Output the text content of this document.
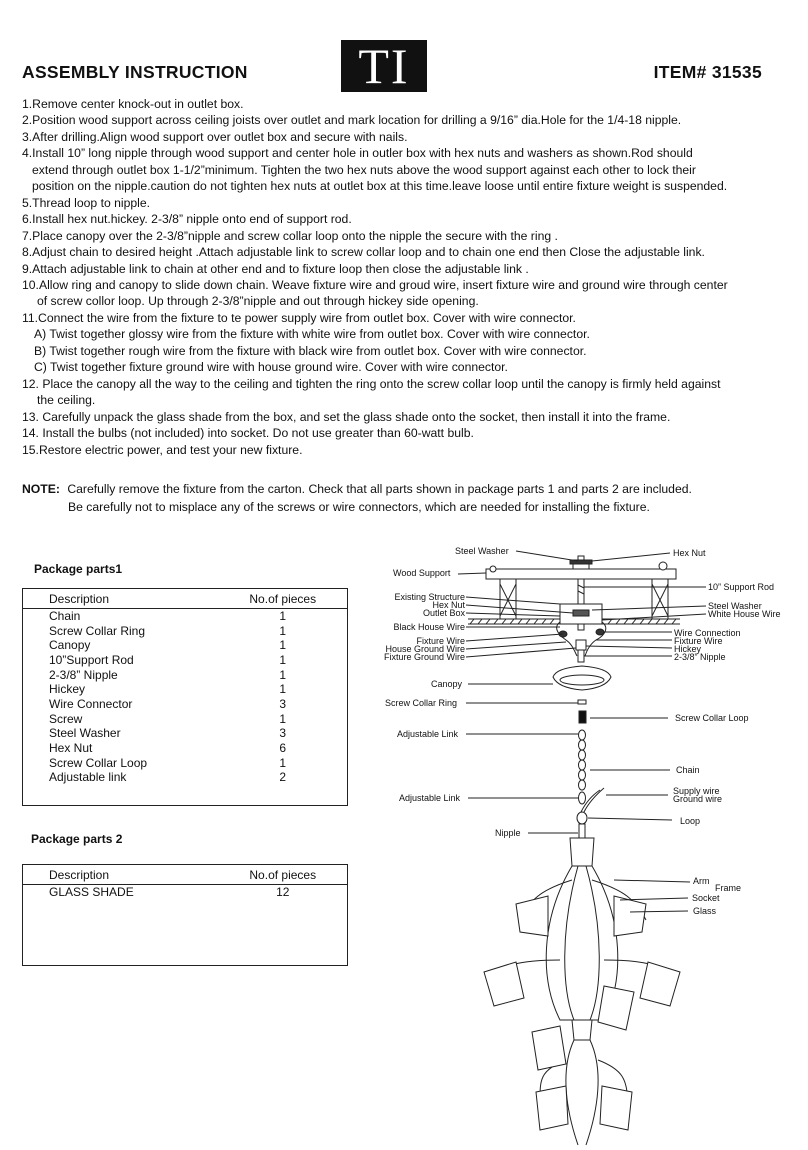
ASSEMBLY INSTRUCTION	TI	ITEM# 31535
1.Remove center knock-out in outlet box.
2.Position wood support across ceiling joists over outlet and mark location for drilling a 9/16” dia.Hole for the 1/4-18 nipple.
3.After drilling.Align wood support over outlet box and secure with nails.
4.Install 10” long nipple through wood support and center hole in outler box with hex nuts and washers as shown.Rod should
extend through outlet box 1-1/2”minimum. Tighten the two hex nuts above the wood support against each other to lock their
position on the nipple.caution do not tighten hex nuts at outlet box at this time.leave loose until entire fixture weight is suspended.
5.Thread loop to nipple.
6.Install hex nut.hickey. 2-3/8” nipple onto end of support rod.
7.Place canopy over the 2-3/8”nipple and screw collar loop onto the nipple the secure with the ring .
8.Adjust chain to desired height .Attach adjustable link to screw collar loop and to chain one end then Close the adjustable link.
9.Attach adjustable link to chain at other end and to fixture loop then close the adjustable link .
10.Allow ring and canopy to slide down chain. Weave fixture wire and groud wire, insert fixture wire and ground wire through center
of screw collor loop. Up through 2-3/8”nipple and out through hickey side opening.
11.Connect the wire from the fixture to te power supply wire from outlet box. Cover with wire connector.
A) Twist together glossy wire from the fixture with white wire from outlet box. Cover with wire connector.
B) Twist together rough wire from the fixture with black wire from outlet box. Cover with wire connector.
C) Twist together fixture ground wire with house ground wire. Cover with wire connector.
12. Place the canopy all the way to the ceiling and tighten the ring onto the screw collar loop until the canopy is firmly held against
the ceiling.
13. Carefully unpack the glass shade from the box, and set the glass shade onto the socket, then install it into the frame.
14. Install the bulbs (not included) into socket. Do not use greater than 60-watt bulb.
15.Restore electric power, and test your new fixture.
NOTE: Carefully remove the fixture from the carton. Check that all parts shown in package parts 1 and parts 2 are included.
Be carefully not to misplace any of the screws or wire connectors, which are needed for installing the fixture.
Package parts1
Description	No.of pieces
Chain	1
Screw Collar Ring	1
Canopy	1
10”Support Rod	1
2-3/8” Nipple	1
Hickey	1
Wire Connector	3
Screw	1
Steel Washer	3
Hex Nut	6
Screw Collar Loop	1
Adjustable link	2

Package parts 2
Description	No.of pieces
GLASS SHADE	12

Steel Washer	Hex Nut
Wood Support
10” Support Rod
Existing Structure
Hex Nut
Outlet Box
Black House Wire
Fixture Wire
House Ground Wire
Fixture Ground Wire
Steel Washer
White House Wire
Wire Connection
Fixture Wire
Hickey
2-3/8” Nipple
Canopy
Screw Collar Ring
Screw Collar Loop
Adjustable Link
Chain
Adjustable Link
Supply wire
Ground wire
Loop
Nipple
Arm
Frame
Socket
Glass
